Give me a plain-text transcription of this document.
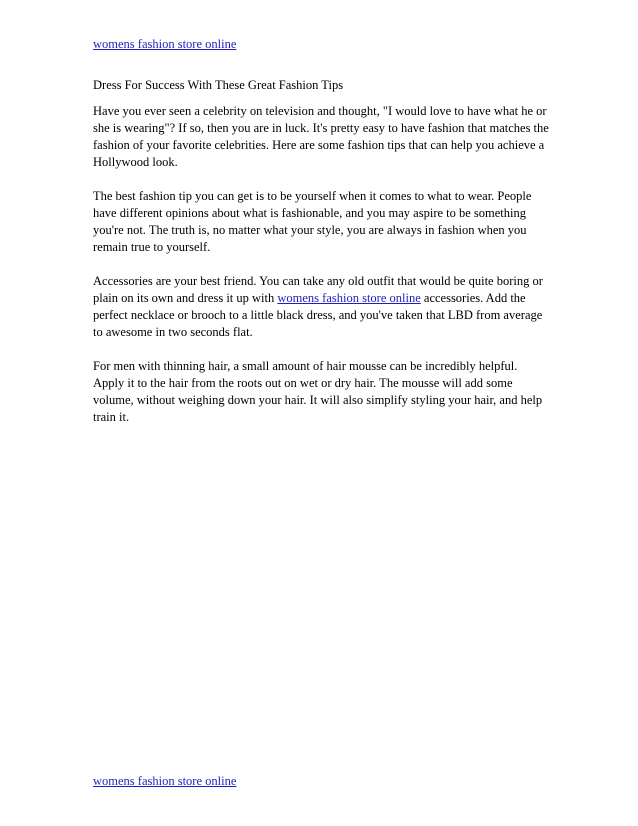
womens fashion store online

Dress For Success With These Great Fashion Tips

Have you ever seen a celebrity on television and thought, "I would love to have what he or she is wearing"? If so, then you are in luck. It's pretty easy to have fashion that matches the fashion of your favorite celebrities. Here are some fashion tips that can help you achieve a Hollywood look.

The best fashion tip you can get is to be yourself when it comes to what to wear. People have different opinions about what is fashionable, and you may aspire to be something you're not. The truth is, no matter what your style, you are always in fashion when you remain true to yourself.

Accessories are your best friend. You can take any old outfit that would be quite boring or plain on its own and dress it up with womens fashion store online accessories. Add the perfect necklace or brooch to a little black dress, and you've taken that LBD from average to awesome in two seconds flat.

For men with thinning hair, a small amount of hair mousse can be incredibly helpful. Apply it to the hair from the roots out on wet or dry hair. The mousse will add some volume, without weighing down your hair. It will also simplify styling your hair, and help train it.

womens fashion store online
